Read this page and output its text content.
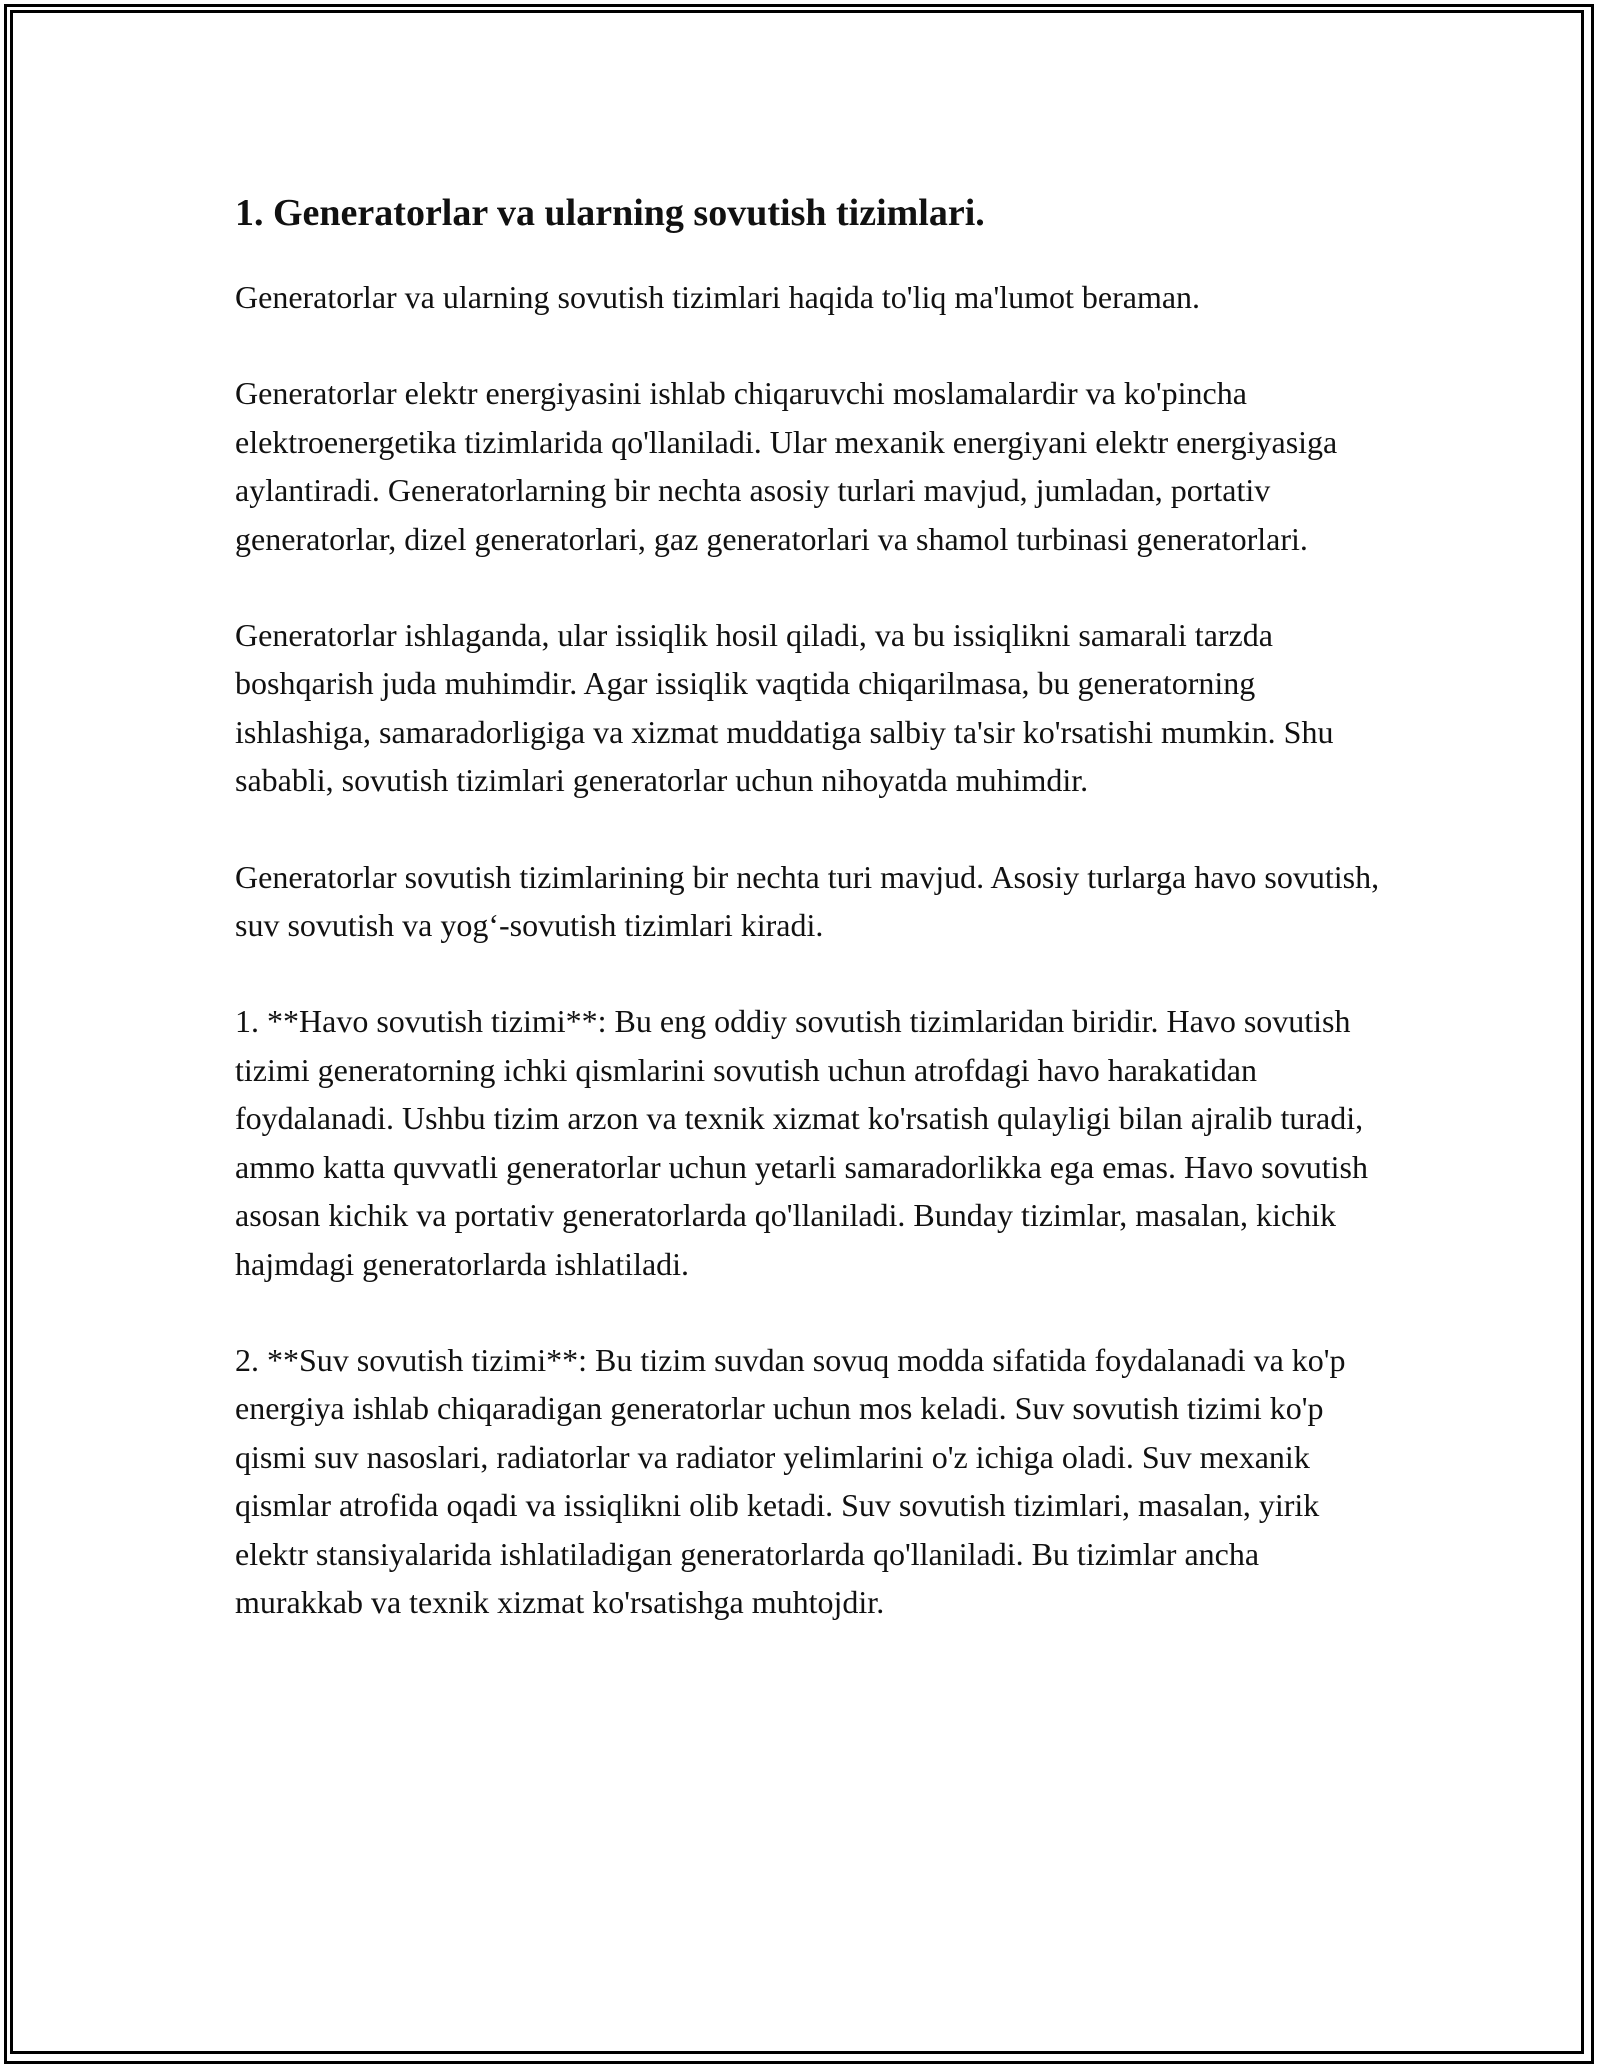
1. Generatorlar va ularning sovutish tizimlari.

Generatorlar va ularning sovutish tizimlari haqida to'liq ma'lumot beraman.

Generatorlar elektr energiyasini ishlab chiqaruvchi moslamalardir va ko'pincha elektroenergetika tizimlarida qo'llaniladi. Ular mexanik energiyani elektr energiyasiga aylantiradi. Generatorlarning bir nechta asosiy turlari mavjud, jumladan, portativ generatorlar, dizel generatorlari, gaz generatorlari va shamol turbinasi generatorlari.

Generatorlar ishlaganda, ular issiqlik hosil qiladi, va bu issiqlikni samarali tarzda boshqarish juda muhimdir. Agar issiqlik vaqtida chiqarilmasa, bu generatorning ishlashiga, samaradorligiga va xizmat muddatiga salbiy ta'sir ko'rsatishi mumkin. Shu sababli, sovutish tizimlari generatorlar uchun nihoyatda muhimdir.

Generatorlar sovutish tizimlarining bir nechta turi mavjud. Asosiy turlarga havo sovutish, suv sovutish va yog‘-sovutish tizimlari kiradi.

1. **Havo sovutish tizimi**: Bu eng oddiy sovutish tizimlaridan biridir. Havo sovutish tizimi generatorning ichki qismlarini sovutish uchun atrofdagi havo harakatidan foydalanadi. Ushbu tizim arzon va texnik xizmat ko'rsatish qulayligi bilan ajralib turadi, ammo katta quvvatli generatorlar uchun yetarli samaradorlikka ega emas. Havo sovutish asosan kichik va portativ generatorlarda qo'llaniladi. Bunday tizimlar, masalan, kichik hajmdagi generatorlarda ishlatiladi.

2. **Suv sovutish tizimi**: Bu tizim suvdan sovuq modda sifatida foydalanadi va ko'p energiya ishlab chiqaradigan generatorlar uchun mos keladi. Suv sovutish tizimi ko'p qismi suv nasoslari, radiatorlar va radiator yelimlarini o'z ichiga oladi. Suv mexanik qismlar atrofida oqadi va issiqlikni olib ketadi. Suv sovutish tizimlari, masalan, yirik elektr stansiyalarida ishlatiladigan generatorlarda qo'llaniladi. Bu tizimlar ancha murakkab va texnik xizmat ko'rsatishga muhtojdir.
